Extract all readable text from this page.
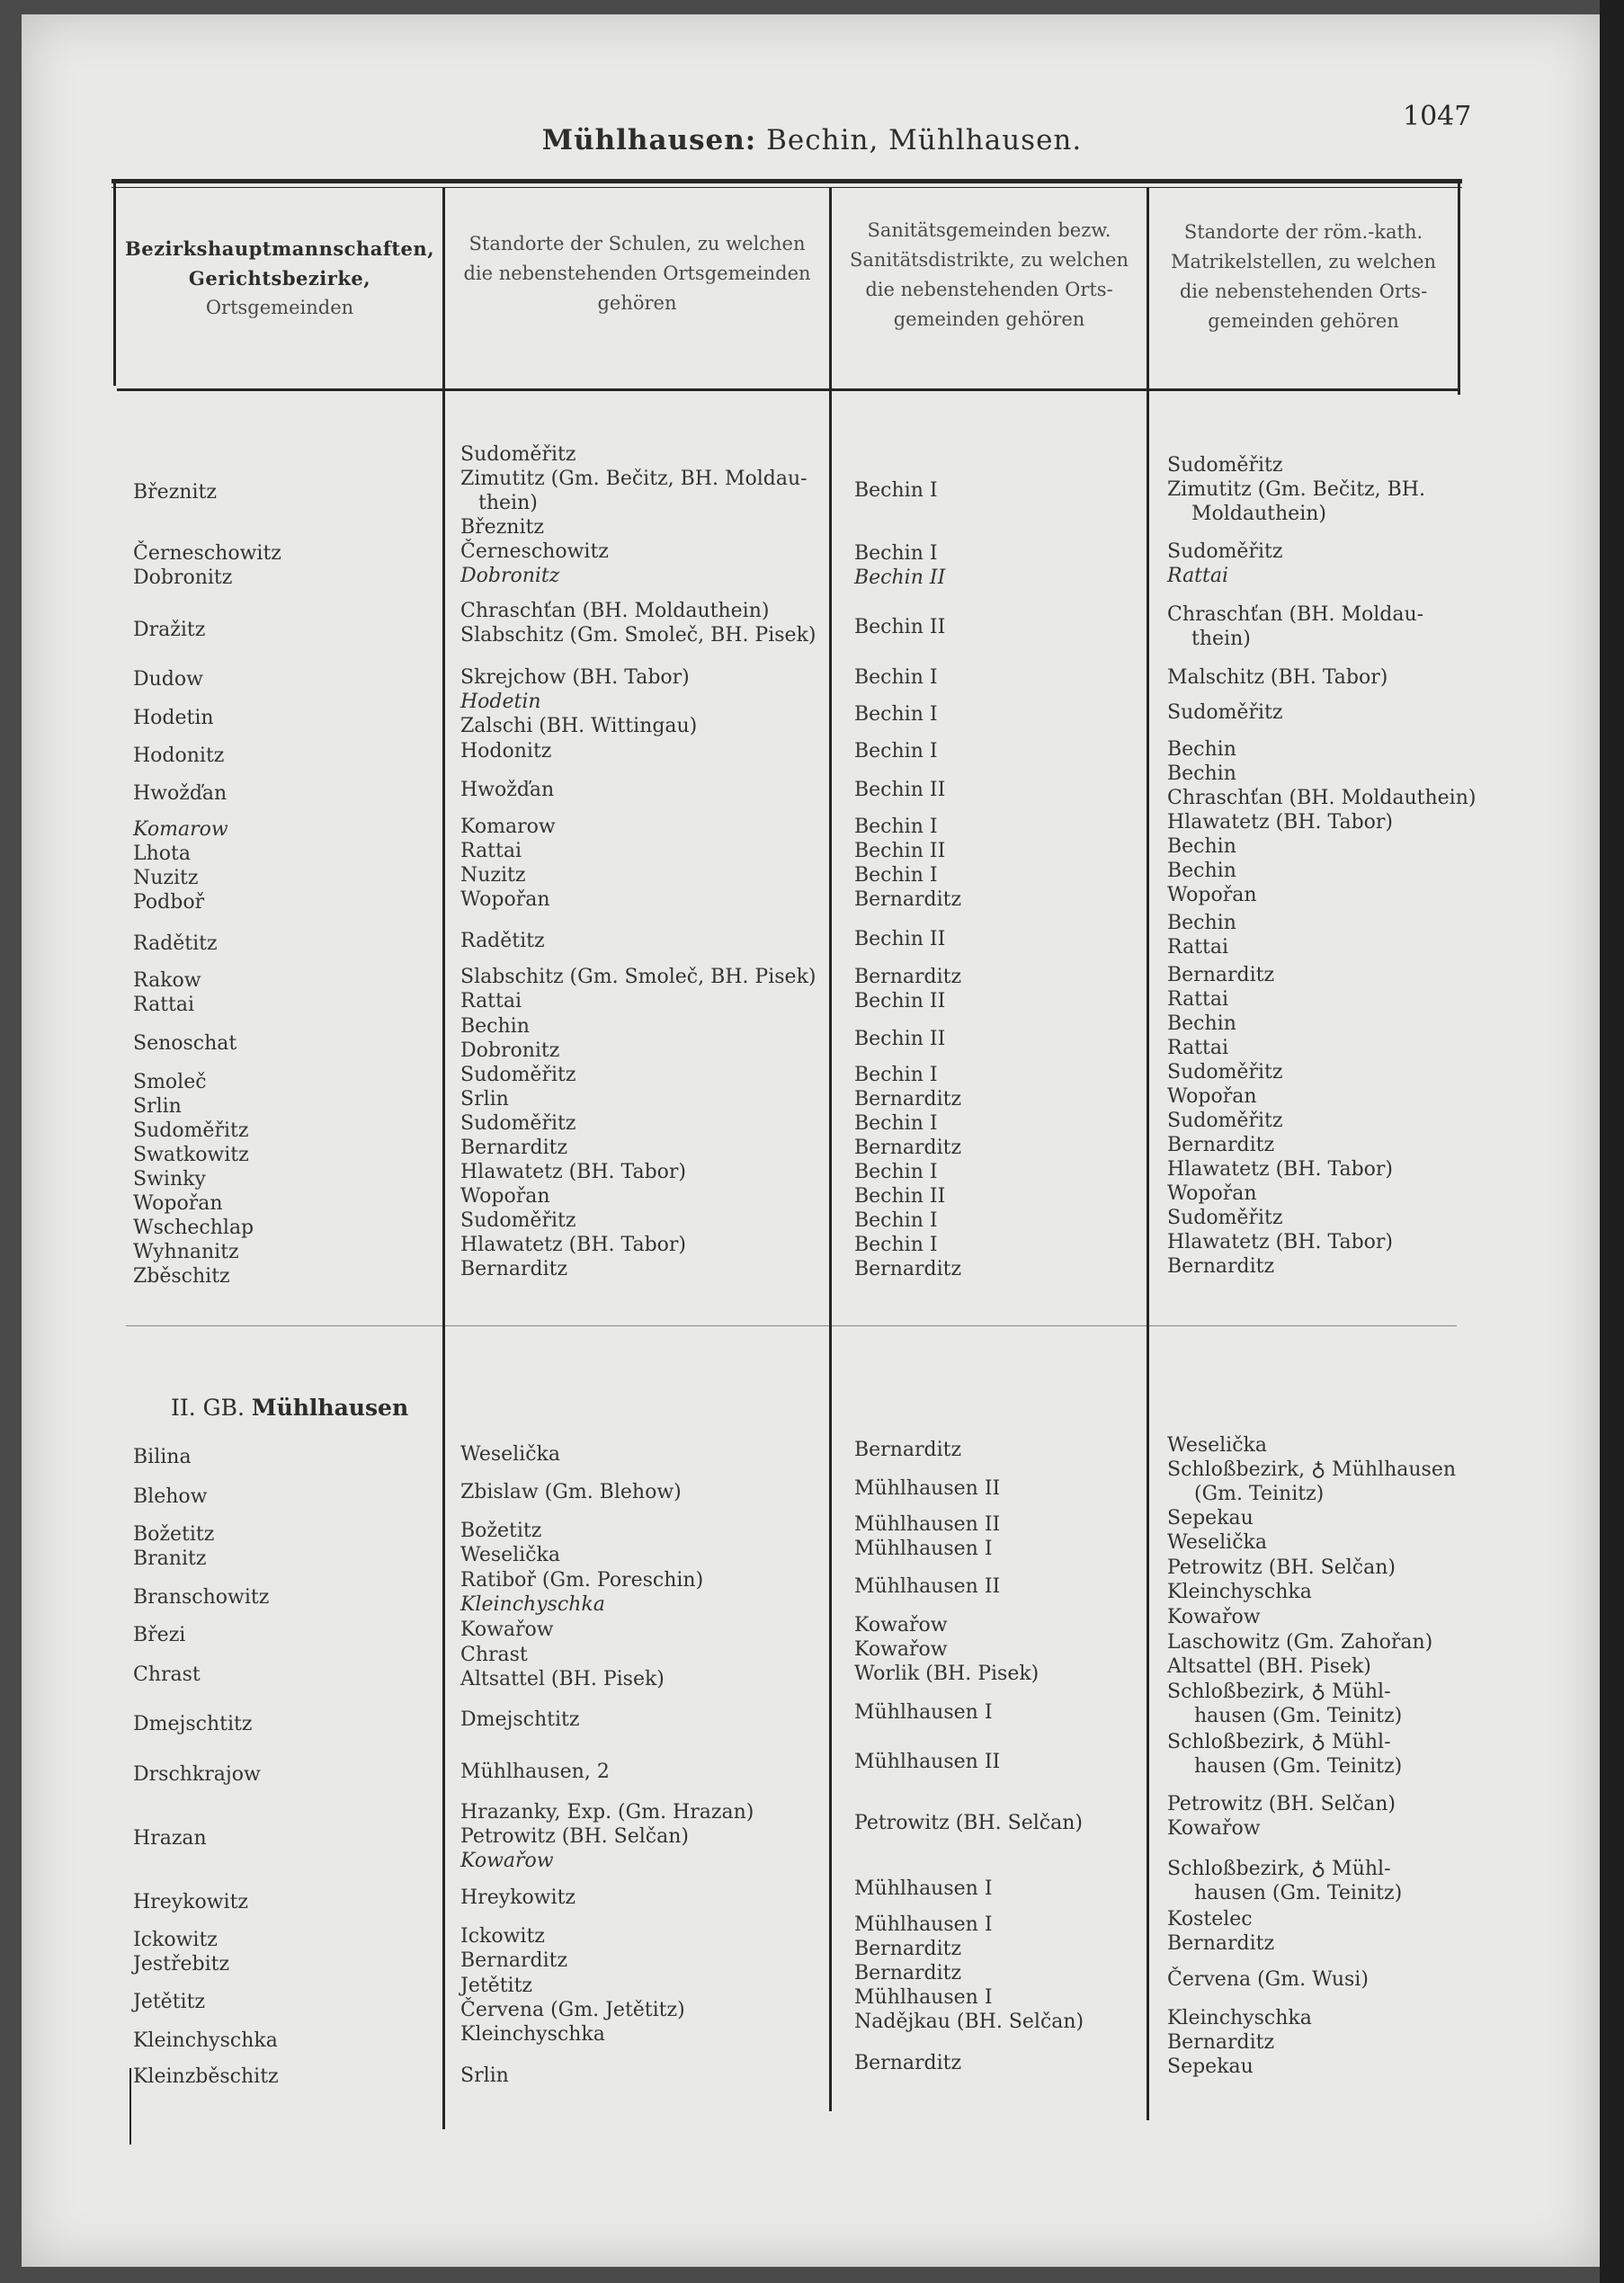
Mühlhausen: Bechin, Mühlhausen.
1047
Bezirkshauptmannschaften,
Gerichtsbezirke,
Ortsgemeinden
Standorte der Schulen, zu welchen
die nebenstehenden Ortsgemeinden
gehören
Sanitätsgemeinden bezw.
Sanitätsdistrikte, zu welchen
die nebenstehenden Orts-
gemeinden gehören
Standorte der röm.-kath.
Matrikelstellen, zu welchen
die nebenstehenden Orts-
gemeinden gehören
Březnitz
Černeschowitz
Dobronitz
Dražitz
Dudow
Hodetin
Hodonitz
Hwožďan
Komarow
Lhota
Nuzitz
Podboř
Radětitz
Rakow
Rattai
Senoschat
Smoleč
Srlin
Sudoměřitz
Swatkowitz
Swinky
Wopořan
Wschechlap
Wyhnanitz
Zběschitz
II. GB. Mühlhausen
Bilina
Blehow
Božetitz
Branitz
Branschowitz
Březi
Chrast
Dmejschtitz
Drschkrajow
Hrazan
Hreykowitz
Ickowitz
Jestřebitz
Jetětitz
Kleinchyschka
Kleinzběschitz
Sudoměřitz
Zimutitz (Gm. Bečitz, BH. Moldau-
thein)
Březnitz
Černeschowitz
Dobronitz
Chraschťan (BH. Moldauthein)
Slabschitz (Gm. Smoleč, BH. Pisek)
Skrejchow (BH. Tabor)
Hodetin
Zalschi (BH. Wittingau)
Hodonitz
Hwožďan
Komarow
Rattai
Nuzitz
Wopořan
Radětitz
Slabschitz (Gm. Smoleč, BH. Pisek)
Rattai
Bechin
Dobronitz
Sudoměřitz
Srlin
Sudoměřitz
Bernarditz
Hlawatetz (BH. Tabor)
Wopořan
Sudoměřitz
Hlawatetz (BH. Tabor)
Bernarditz
Weselička
Zbislaw (Gm. Blehow)
Božetitz
Weselička
Ratiboř (Gm. Poreschin)
Kleinchyschka
Kowařow
Chrast
Altsattel (BH. Pisek)
Dmejschtitz
Mühlhausen, 2
Hrazanky, Exp. (Gm. Hrazan)
Petrowitz (BH. Selčan)
Kowařow
Hreykowitz
Ickowitz
Bernarditz
Jetětitz
Červena (Gm. Jetětitz)
Kleinchyschka
Srlin
Bechin I
Bechin I
Bechin II
Bechin II
Bechin I
Bechin I
Bechin I
Bechin II
Bechin I
Bechin II
Bechin I
Bernarditz
Bechin II
Bernarditz
Bechin II
Bechin II
Bechin I
Bernarditz
Bechin I
Bernarditz
Bechin I
Bechin II
Bechin I
Bechin I
Bernarditz
Bernarditz
Mühlhausen II
Mühlhausen II
Mühlhausen I
Mühlhausen II
Kowařow
Kowařow
Worlik (BH. Pisek)
Mühlhausen I
Mühlhausen II
Petrowitz (BH. Selčan)
Mühlhausen I
Mühlhausen I
Bernarditz
Bernarditz
Mühlhausen I
Nadějkau (BH. Selčan)
Bernarditz
Sudoměřitz
Zimutitz (Gm. Bečitz, BH.
Moldauthein)
Sudoměřitz
Rattai
Chraschťan (BH. Moldau-
thein)
Malschitz (BH. Tabor)
Sudoměřitz
Bechin
Bechin
Chraschťan (BH. Moldauthein)
Hlawatetz (BH. Tabor)
Bechin
Bechin
Wopořan
Bechin
Rattai
Bernarditz
Rattai
Bechin
Rattai
Sudoměřitz
Wopořan
Sudoměřitz
Bernarditz
Hlawatetz (BH. Tabor)
Wopořan
Sudoměřitz
Hlawatetz (BH. Tabor)
Bernarditz
Weselička
Schloßbezirk, ♁ Mühlhausen
(Gm. Teinitz)
Sepekau
Weselička
Petrowitz (BH. Selčan)
Kleinchyschka
Kowařow
Laschowitz (Gm. Zahořan)
Altsattel (BH. Pisek)
Schloßbezirk, ♁ Mühl-
hausen (Gm. Teinitz)
Schloßbezirk, ♁ Mühl-
hausen (Gm. Teinitz)
Petrowitz (BH. Selčan)
Kowařow
Schloßbezirk, ♁ Mühl-
hausen (Gm. Teinitz)
Kostelec
Bernarditz
Červena (Gm. Wusi)
Kleinchyschka
Bernarditz
Sepekau
